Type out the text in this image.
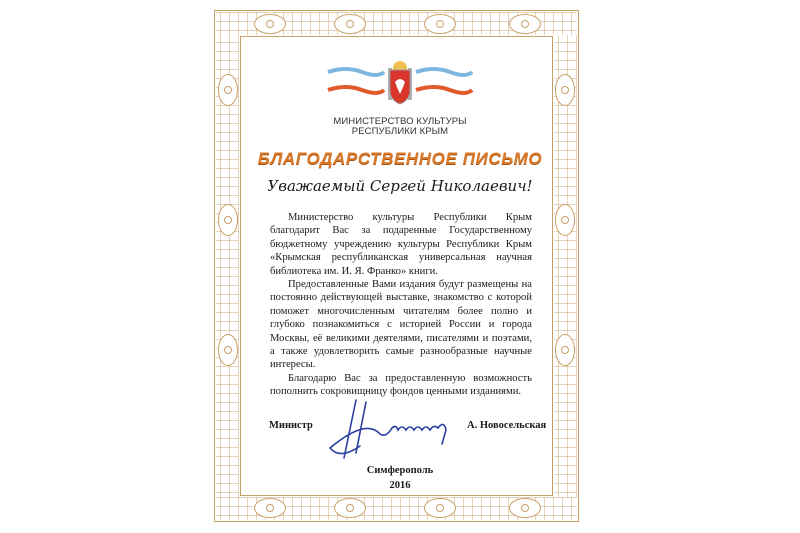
МИНИСТЕРСТВО КУЛЬТУРЫ
РЕСПУБЛИКИ КРЫМ
БЛАГОДАРСТВЕННОЕ ПИСЬМО
Уважаемый Сергей Николаевич!

Министерство культуры Республики Крым благодарит Вас за подаренные Государственному бюджетному учреждению культуры Республики Крым «Крымская республиканская универсальная научная библиотека им. И. Я. Франко» книги.

Предоставленные Вами издания будут размещены на постоянно действующей выставке, знакомство с которой поможет многочисленным читателям более полно и глубоко познакомиться с историей России и города Москвы, её великими деятелями, писателями и поэтами, а также удовлетворить самые разнообразные научные интересы.

Благодарю Вас за предоставленную возможность пополнить сокровищницу фондов ценными изданиями.

Министр	А. Новосельская
Симферополь
2016
